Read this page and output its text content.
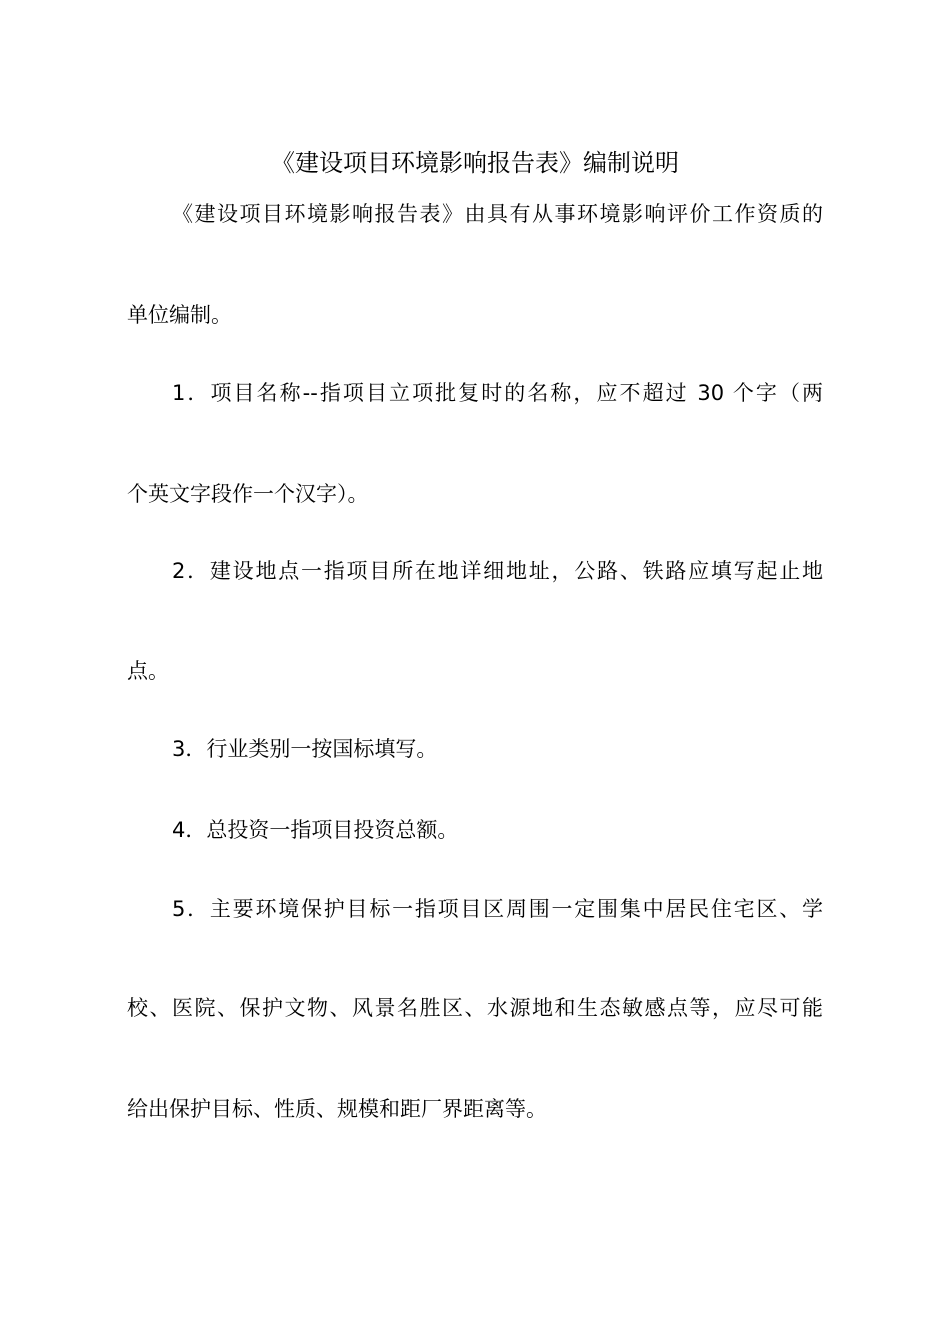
《建设项目环境影响报告表》编制说明
《建设项目环境影响报告表》由具有从事环境影响评价工作资质的
单位编制。
1．项目名称--指项目立项批复时的名称，应不超过 30 个字（两
个英文字段作一个汉字）。
2．建设地点一指项目所在地详细地址，公路、铁路应填写起止地
点。
3．行业类别一按国标填写。
4．总投资一指项目投资总额。
5．主要环境保护目标一指项目区周围一定围集中居民住宅区、学
校、医院、保护文物、风景名胜区、水源地和生态敏感点等，应尽可能
给出保护目标、性质、规模和距厂界距离等。
